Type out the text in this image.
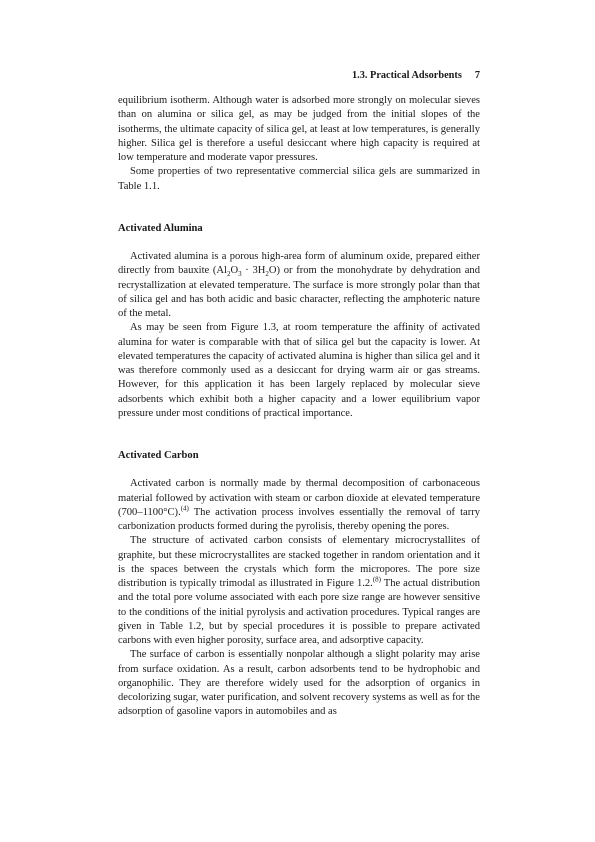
1.3. Practical Adsorbents 7

equilibrium isotherm. Although water is adsorbed more strongly on molecular sieves than on alumina or silica gel, as may be judged from the initial slopes of the isotherms, the ultimate capacity of silica gel, at least at low temperatures, is generally higher. Silica gel is therefore a useful desiccant where high capacity is required at low temperature and moderate vapor pressures.

Some properties of two representative commercial silica gels are summarized in Table 1.1.

Activated Alumina

Activated alumina is a porous high-area form of aluminum oxide, prepared either directly from bauxite $(Al_2O_3 \cdot 3H_2O)$ or from the monohydrate by dehydration and recrystallization at elevated temperature. The surface is more strongly polar than that of silica gel and has both acidic and basic character, reflecting the amphoteric nature of the metal.

As may be seen from Figure 1.3, at room temperature the affinity of activated alumina for water is comparable with that of silica gel but the capacity is lower. At elevated temperatures the capacity of activated alumina is higher than silica gel and it was therefore commonly used as a desiccant for drying warm air or gas streams. However, for this application it has been largely replaced by molecular sieve adsorbents which exhibit both a higher capacity and a lower equilibrium vapor pressure under most conditions of practical importance.

Activated Carbon

Activated carbon is normally made by thermal decomposition of carbonaceous material followed by activation with steam or carbon dioxide at elevated temperature (700–1100°C).$^{(4)}$ The activation process involves essentially the removal of tarry carbonization products formed during the pyrolisis, thereby opening the pores.

The structure of activated carbon consists of elementary microcrystallites of graphite, but these microcrystallites are stacked together in random orientation and it is the spaces between the crystals which form the micropores. The pore size distribution is typically trimodal as illustrated in Figure 1.2.$^{(8)}$ The actual distribution and the total pore volume associated with each pore size range are however sensitive to the conditions of the initial pyrolysis and activation procedures. Typical ranges are given in Table 1.2, but by special procedures it is possible to prepare activated carbons with even higher porosity, surface area, and adsorptive capacity.

The surface of carbon is essentially nonpolar although a slight polarity may arise from surface oxidation. As a result, carbon adsorbents tend to be hydrophobic and organophilic. They are therefore widely used for the adsorption of organics in decolorizing sugar, water purification, and solvent recovery systems as well as for the adsorption of gasoline vapors in automobiles and as
